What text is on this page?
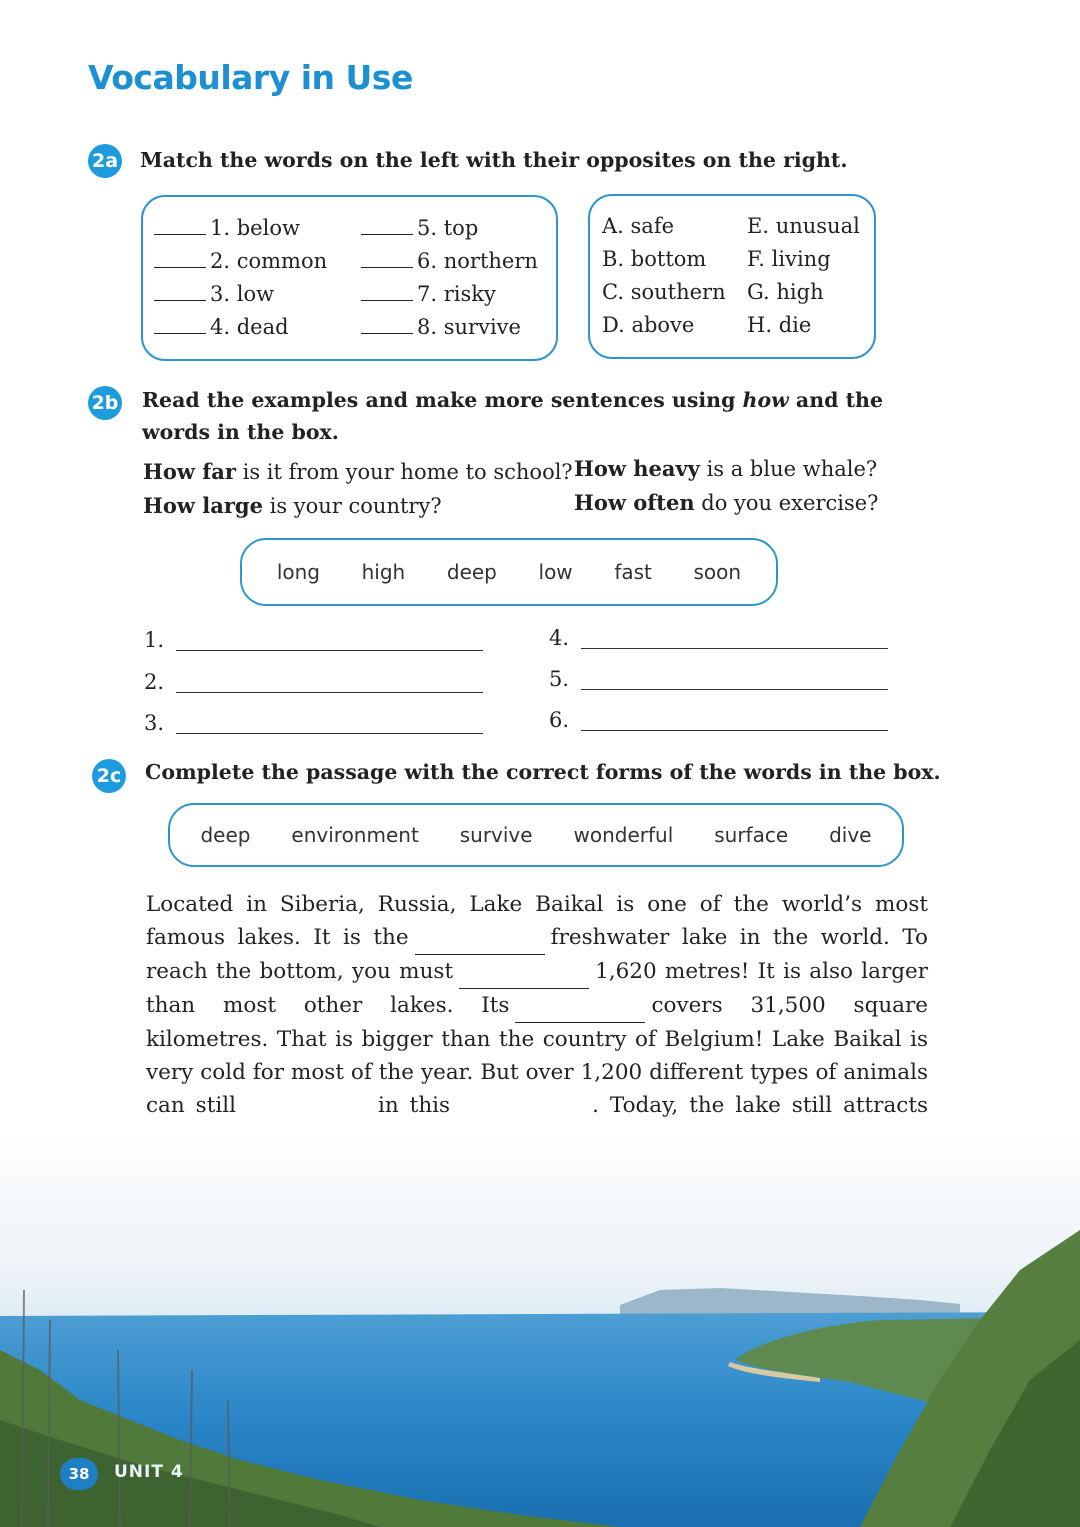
Vocabulary in Use
2a Match the words on the left with their opposites on the right.
1. below
2. common
3. low
4. dead
5. top
6. northern
7. risky
8. survive
A. safe
B. bottom
C. southern
D. above
E. unusual
F. living
G. high
H. die
2b Read the examples and make more sentences using how and the words in the box.
How far is it from your home to school? How heavy is a blue whale?
How large is your country?	How often do you exercise?
long high deep low fast soon
1.
2.
3.
4.
5.
6.
2c Complete the passage with the correct forms of the words in the box.
deep environment survive wonderful surface dive

Located in Siberia, Russia, Lake Baikal is one of the world’s most famous lakes. It is the	freshwater lake in the world. To reach the bottom, you must	1,620 metres! It is also larger than most other lakes. Its	covers 31,500 square kilometres. That is bigger than the country of Belgium! Lake Baikal is very cold for most of the year. But over 1,200 different types of animals can still	in this	. Today, the lake still attracts

38	UNIT 4
